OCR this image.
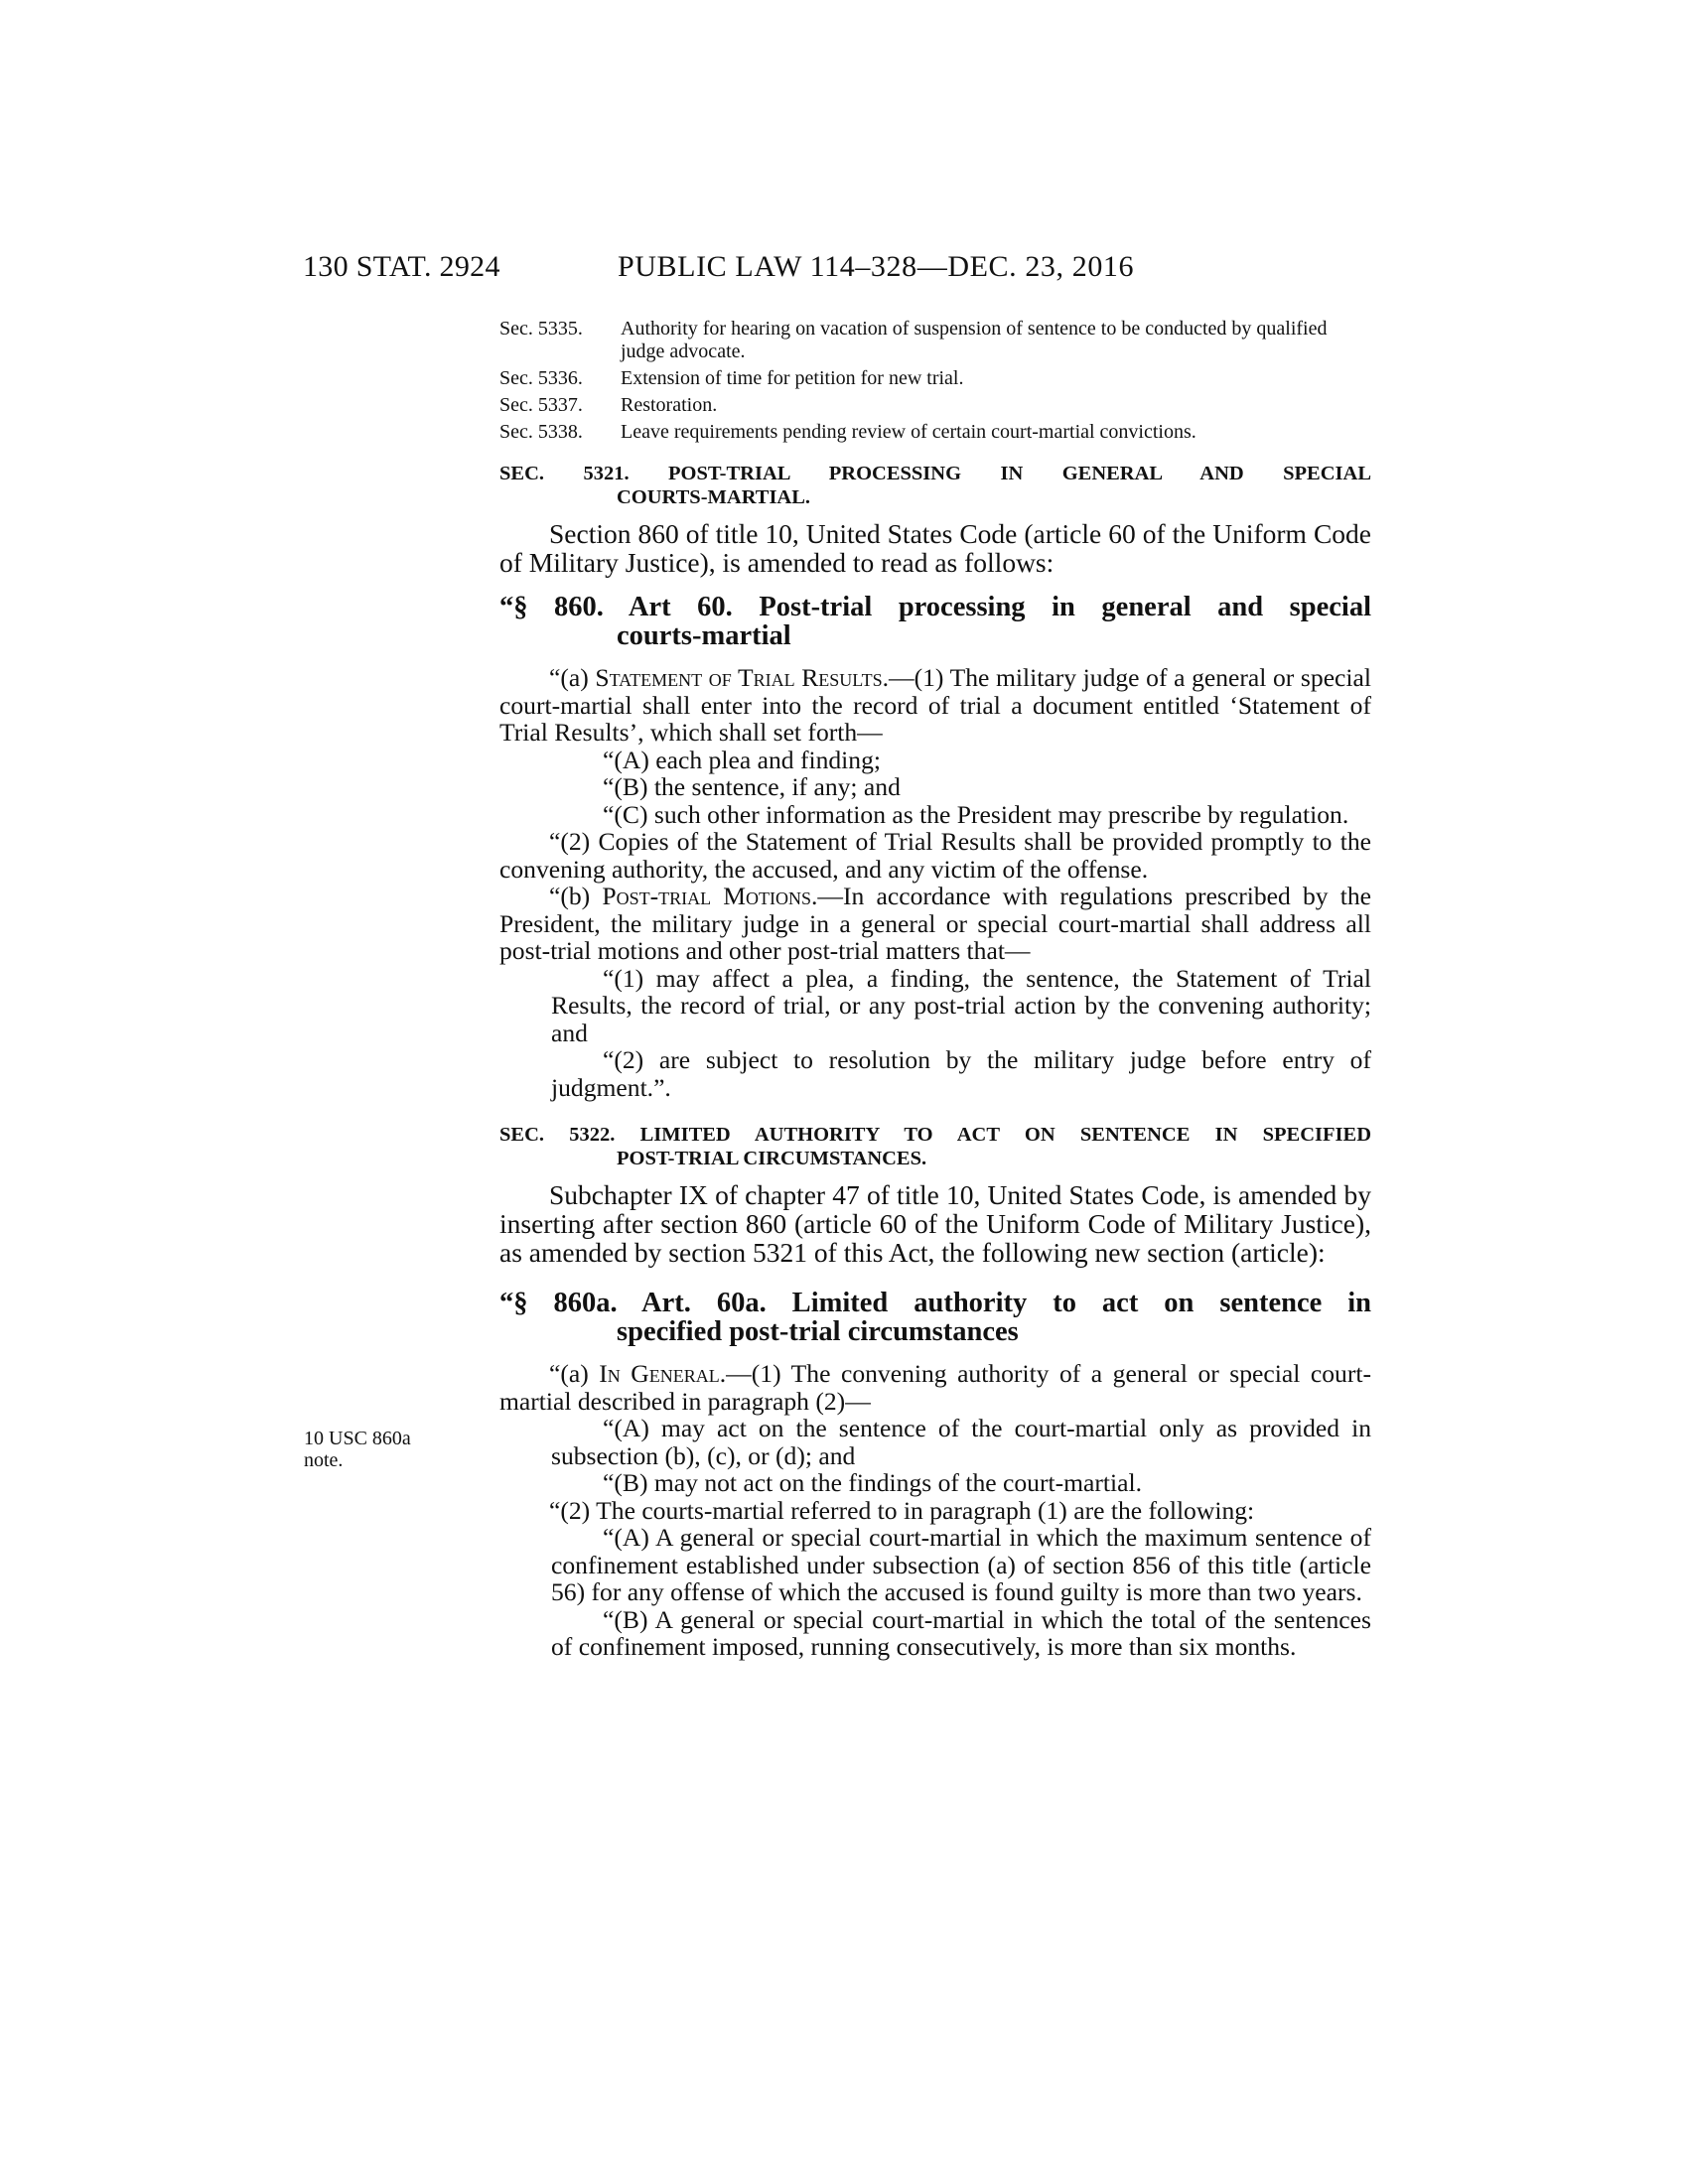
130 STAT. 2924	PUBLIC LAW 114–328—DEC. 23, 2016
10 USC 860a note.
Sec. 5335.	Authority for hearing on vacation of suspension of sentence to be conducted by qualified judge advocate.
Sec. 5336.	Extension of time for petition for new trial.
Sec. 5337.	Restoration.
Sec. 5338.	Leave requirements pending review of certain court-martial convictions.
SEC. 5321. POST-TRIAL PROCESSING IN GENERAL AND SPECIAL
COURTS-MARTIAL.

Section 860 of title 10, United States Code (article 60 of the Uniform Code of Military Justice), is amended to read as follows:

“§ 860. Art 60. Post-trial processing in general and special
courts-martial

“(a) Statement of Trial Results.—(1) The military judge of a general or special court-martial shall enter into the record of trial a document entitled ‘Statement of Trial Results’, which shall set forth—

“(A) each plea and finding;

“(B) the sentence, if any; and

“(C) such other information as the President may prescribe by regulation.

“(2) Copies of the Statement of Trial Results shall be provided promptly to the convening authority, the accused, and any victim of the offense.

“(b) Post-trial Motions.—In accordance with regulations prescribed by the President, the military judge in a general or special court-martial shall address all post-trial motions and other post-trial matters that—

“(1) may affect a plea, a finding, the sentence, the Statement of Trial Results, the record of trial, or any post-trial action by the convening authority; and

“(2) are subject to resolution by the military judge before entry of judgment.”.

SEC. 5322. LIMITED AUTHORITY TO ACT ON SENTENCE IN SPECIFIED
POST-TRIAL CIRCUMSTANCES.

Subchapter IX of chapter 47 of title 10, United States Code, is amended by inserting after section 860 (article 60 of the Uniform Code of Military Justice), as amended by section 5321 of this Act, the following new section (article):

“§ 860a. Art. 60a. Limited authority to act on sentence in
specified post-trial circumstances

“(a) In General.—(1) The convening authority of a general or special court-martial described in paragraph (2)—

“(A) may act on the sentence of the court-martial only as provided in subsection (b), (c), or (d); and

“(B) may not act on the findings of the court-martial.

“(2) The courts-martial referred to in paragraph (1) are the following:

“(A) A general or special court-martial in which the maximum sentence of confinement established under subsection (a) of section 856 of this title (article 56) for any offense of which the accused is found guilty is more than two years.

“(B) A general or special court-martial in which the total of the sentences of confinement imposed, running consecutively, is more than six months.
